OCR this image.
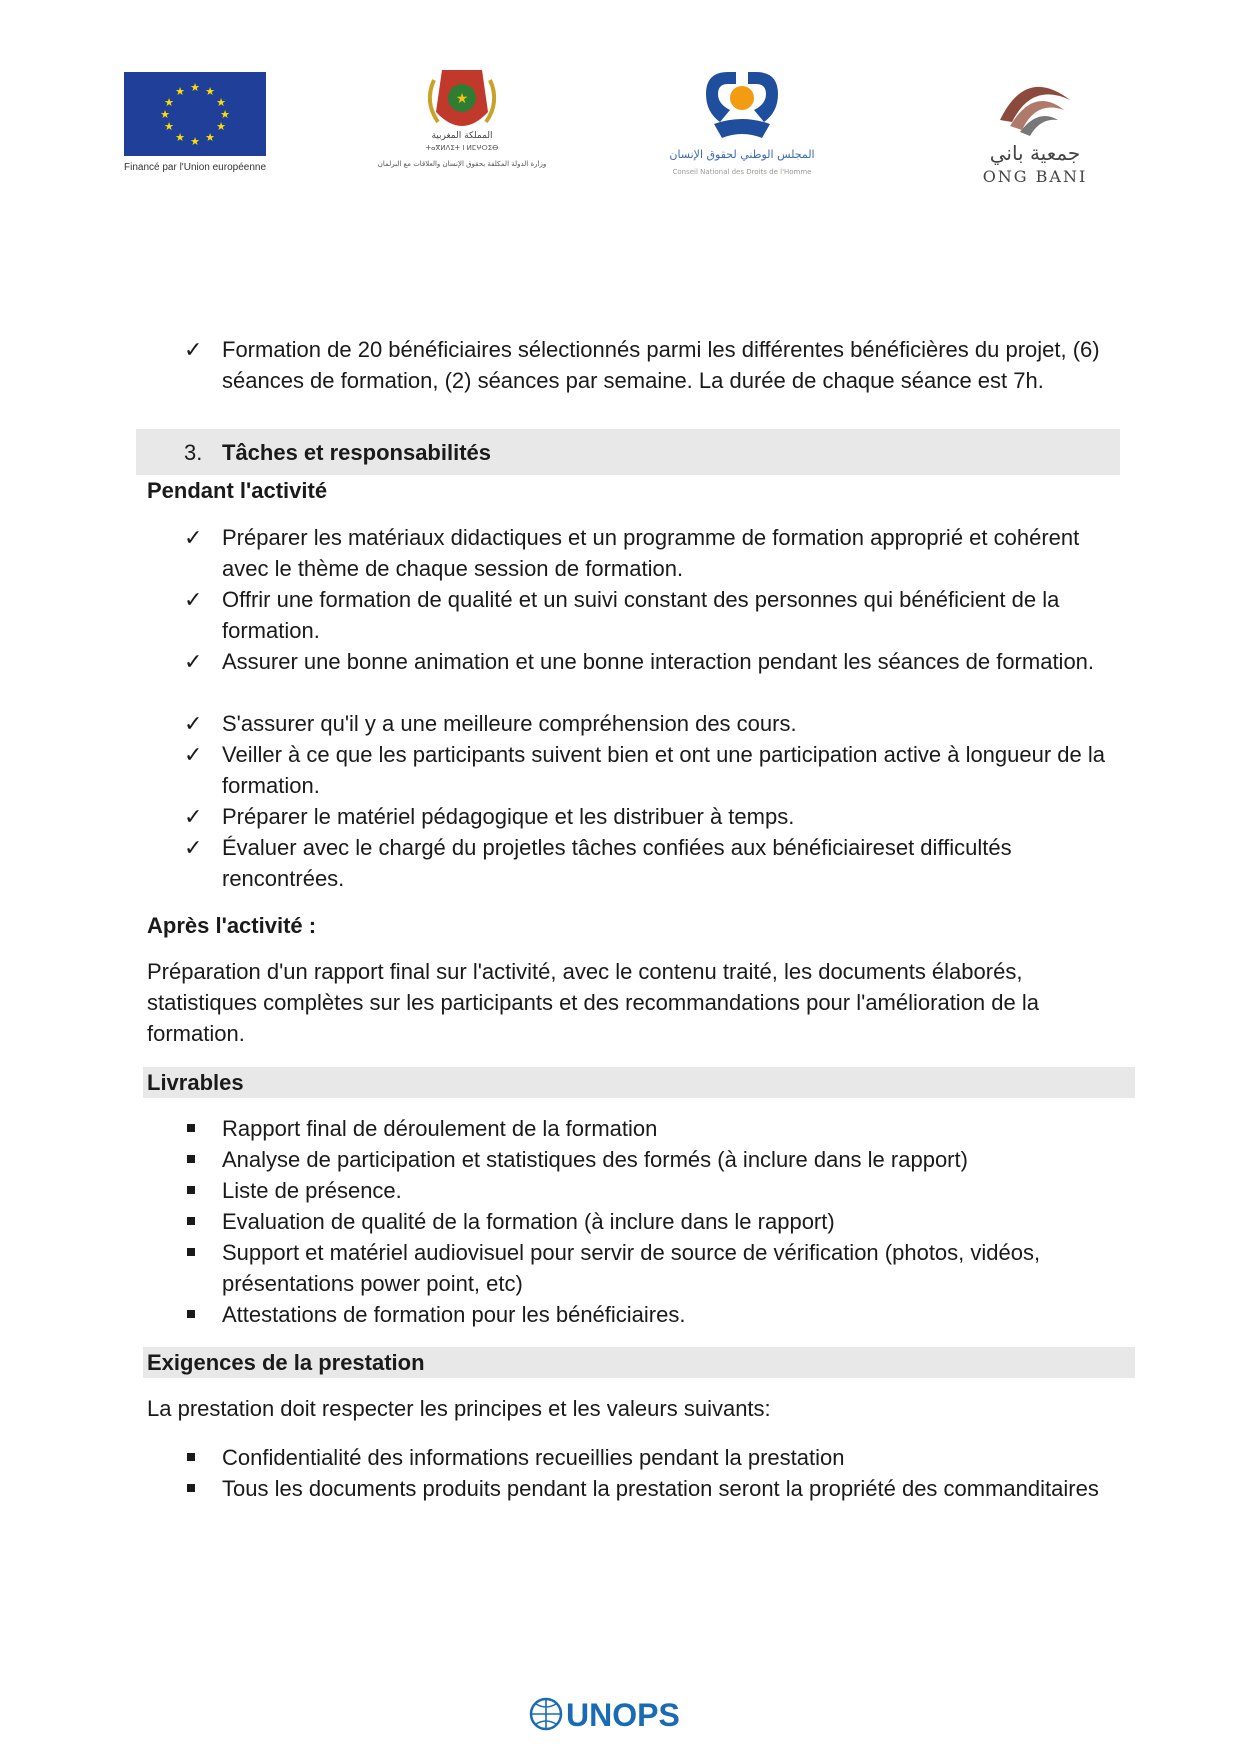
★ ★
★
★
★
★
★
★
★
★
★
★
Financé par l'Union européenne
★
المملكة المغربية
ⵜⴰⴳⵍⴷⵉⵜ ⵏ ⵍⵎⵖⵔⵉⴱ
وزارة الدولة المكلفة بحقوق الإنسان والعلاقات مع البرلمان
المجلس الوطني لحقوق الإنسان
Conseil National des Droits de l'Homme
جمعية باني
ONG BANI
✓ Formation de 20 bénéficiaires sélectionnés parmi les différentes bénéficières du projet, (6) séances de formation, (2) séances par semaine. La durée de chaque séance est 7h.
3. Tâches et responsabilités
Pendant l'activité
✓ Préparer les matériaux didactiques et un programme de formation approprié et cohérent avec le thème de chaque session de formation.
✓ Offrir une formation de qualité et un suivi constant des personnes qui bénéficient de la formation.
✓ Assurer une bonne animation et une bonne interaction pendant les séances de formation.
✓ S'assurer qu'il y a une meilleure compréhension des cours.
✓ Veiller à ce que les participants suivent bien et ont une participation active à longueur de la formation.
✓ Préparer le matériel pédagogique et les distribuer à temps.
✓ Évaluer avec le chargé du projetles tâches confiées aux bénéficiaireset difficultés rencontrées.
Après l'activité :
Préparation d'un rapport final sur l'activité, avec le contenu traité, les documents élaborés, statistiques complètes sur les participants et des recommandations pour l'amélioration de la formation.
Livrables
Rapport final de déroulement de la formation
Analyse de participation et statistiques des formés (à inclure dans le rapport)
Liste de présence.
Evaluation de qualité de la formation (à inclure dans le rapport)
Support et matériel audiovisuel pour servir de source de vérification (photos, vidéos, présentations power point, etc)
Attestations de formation pour les bénéficiaires.
Exigences de la prestation
La prestation doit respecter les principes et les valeurs suivants:
Confidentialité des informations recueillies pendant la prestation
Tous les documents produits pendant la prestation seront la propriété des commanditaires
UNOPS
